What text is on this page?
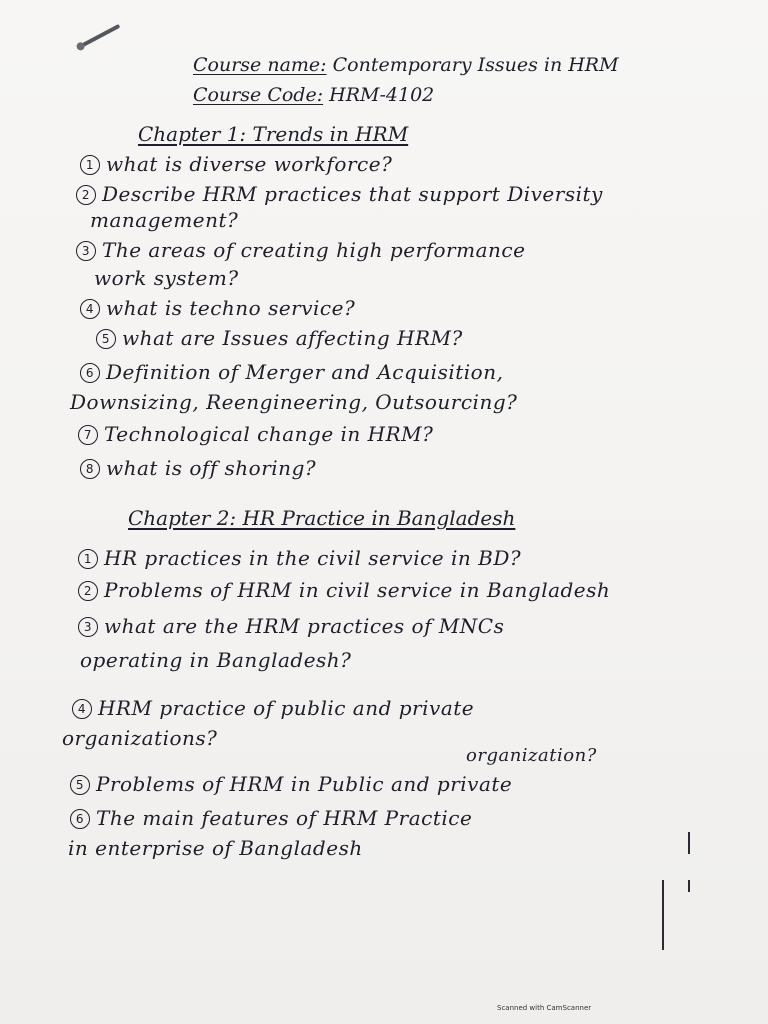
Course name: Contemporary Issues in HRM
Course Code: HRM-4102
Chapter 1: Trends in HRM
1 what is diverse workforce?
2 Describe HRM practices that support Diversity
management?
3 The areas of creating high performance
work system?
4 what is techno service?
5 what are Issues affecting HRM?
6 Definition of Merger and Acquisition,
Downsizing, Reengineering, Outsourcing?
7 Technological change in HRM?
8 what is off shoring?
Chapter 2: HR Practice in Bangladesh
1 HR practices in the civil service in BD?
2 Problems of HRM in civil service in Bangladesh
3 what are the HRM practices of MNCs
operating in Bangladesh?
4 HRM practice of public and private
organizations?
organization?
5 Problems of HRM in Public and private
6 The main features of HRM Practice
in enterprise of Bangladesh
Scanned with CamScanner
